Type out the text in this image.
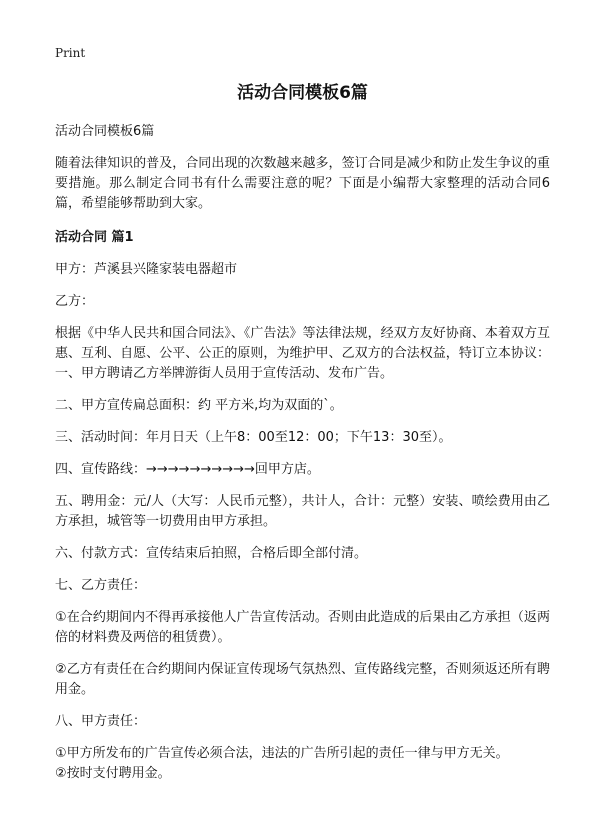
Print
活动合同模板6篇

活动合同模板6篇

随着法律知识的普及，合同出现的次数越来越多，签订合同是减少和防止发生争议的重要措施。那么制定合同书有什么需要注意的呢？下面是小编帮大家整理的活动合同6篇，希望能够帮助到大家。

活动合同 篇1

甲方：芦溪县兴隆家装电器超市

乙方：

根据《中华人民共和国合同法》、《广告法》等法律法规，经双方友好协商、本着双方互惠、互利、自愿、公平、公正的原则，为维护甲、乙双方的合法权益，特订立本协议：一、甲方聘请乙方举牌游街人员用于宣传活动、发布广告。

二、甲方宣传扁总面积：约 平方米,均为双面的`。

三、活动时间：年月日天（上午8：00至12：00；下午13：30至）。

四、宣传路线：→→→→→→→→→→回甲方店。

五、聘用金：元/人（大写：人民币元整），共计人，合计：元整）安装、喷绘费用由乙方承担，城管等一切费用由甲方承担。

六、付款方式：宣传结束后拍照，合格后即全部付清。

七、乙方责任：

①在合约期间内不得再承接他人广告宣传活动。否则由此造成的后果由乙方承担（返两倍的材料费及两倍的租赁费）。

②乙方有责任在合约期间内保证宣传现场气氛热烈、宣传路线完整，否则须返还所有聘用金。

八、甲方责任：

①甲方所发布的广告宣传必须合法，违法的广告所引起的责任一律与甲方无关。

②按时支付聘用金。
